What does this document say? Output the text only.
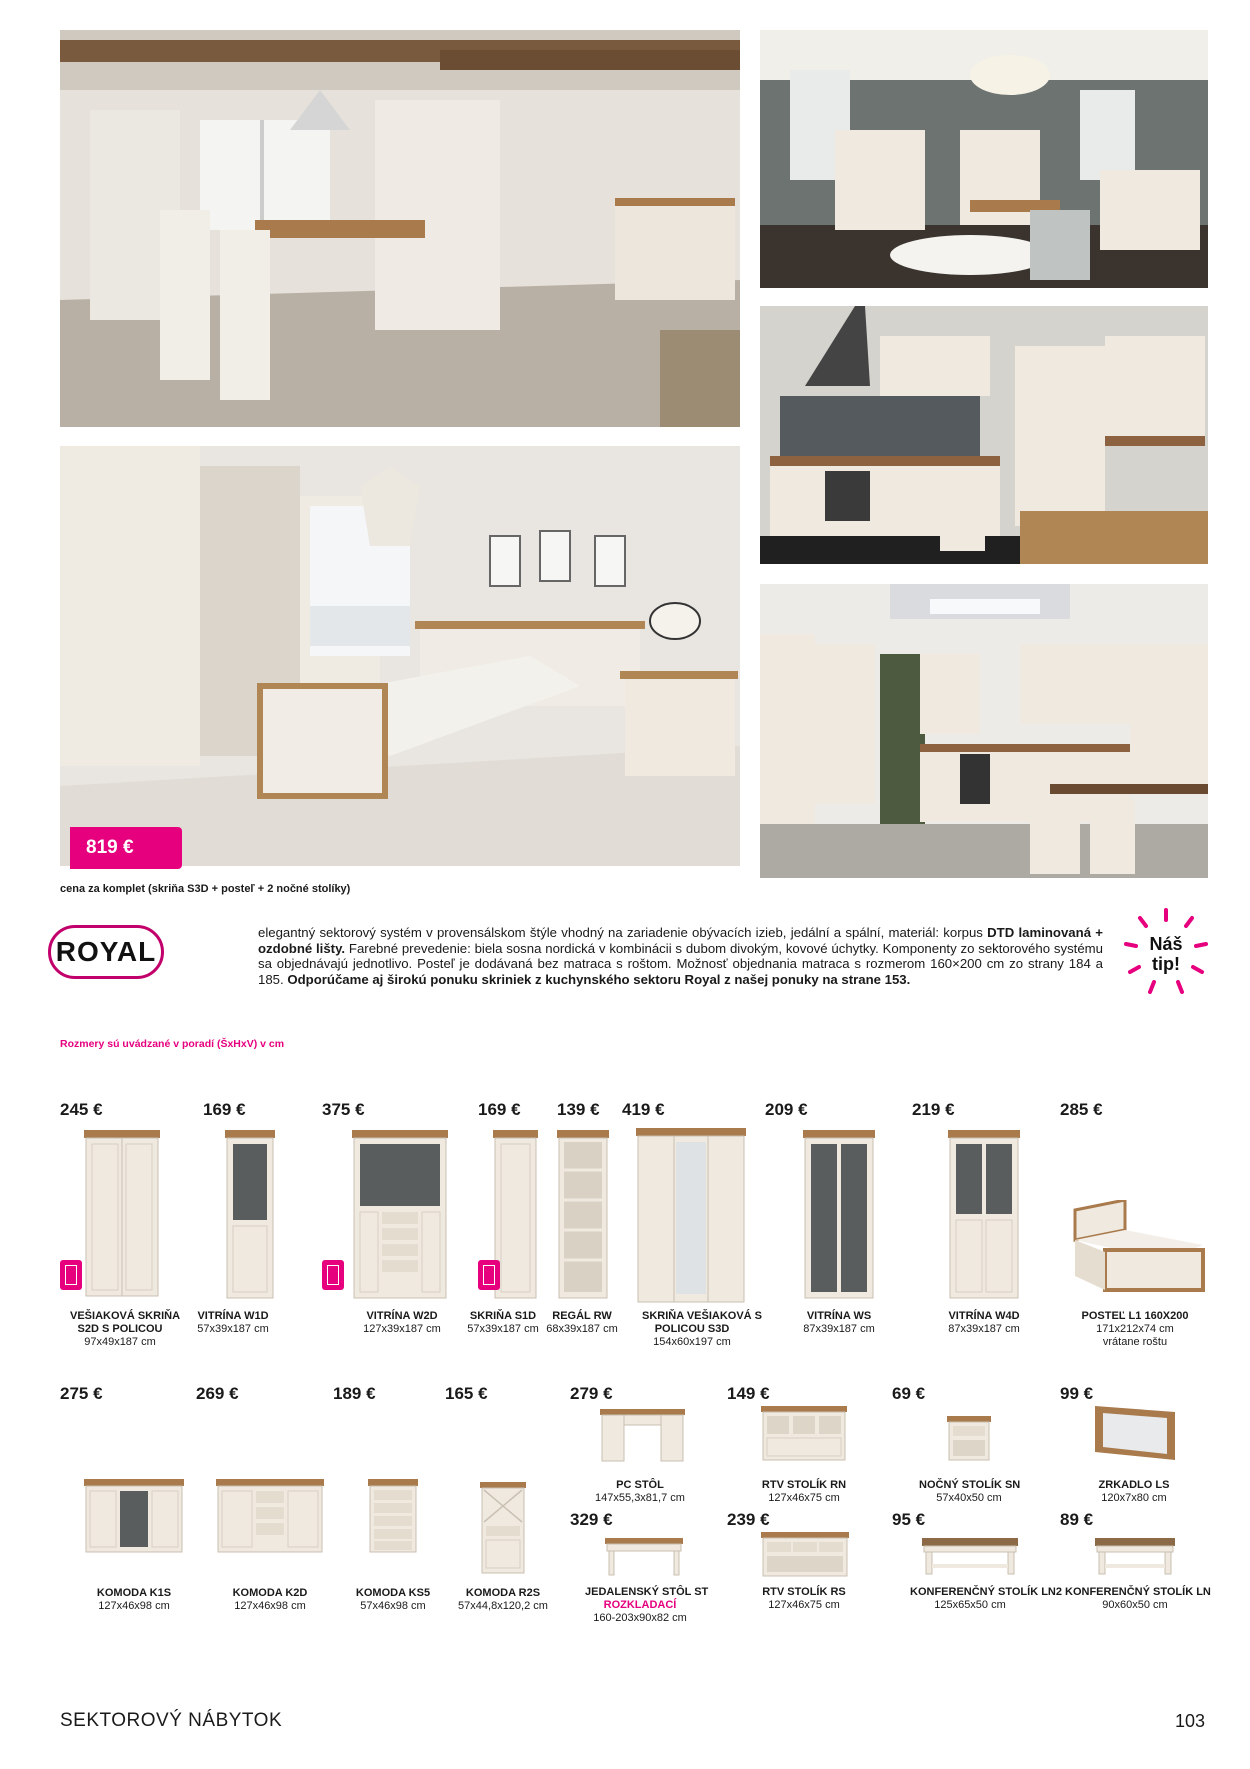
819 €
cena za komplet (skriňa S3D + posteľ + 2 nočné stolíky)
ROYAL
elegantný sektorový systém v provensálskom štýle vhodný na zariadenie obývacích izieb, jedální a spální, materiál: korpus DTD laminovaná + ozdobné lišty. Farebné prevedenie: biela sosna nordická v kombinácii s dubom divokým, kovové úchytky. Komponenty zo sektorového systému sa objednávajú jednotlivo. Posteľ je dodávaná bez matraca s roštom. Možnosť objednania matraca s rozmerom 160×200 cm zo strany 184 a 185. Odporúčame aj širokú ponuku skriniek z kuchynského sektoru Royal z našej ponuky na strane 153.
Náš
tip!
Rozmery sú uvádzané v poradí (ŠxHxV) v cm
245 €
VEŠIAKOVÁ SKRIŇA
S2D S POLICOU
97x49x187 cm
169 €
VITRÍNA W1D
57x39x187 cm
375 €
VITRÍNA W2D
127x39x187 cm
169 €
SKRIŇA S1D
57x39x187 cm
139 €
REGÁL RW
68x39x187 cm
419 €
SKRIŇA VEŠIAKOVÁ S
POLICOU S3D
154x60x197 cm
209 €
VITRÍNA WS
87x39x187 cm
219 €
VITRÍNA W4D
87x39x187 cm
285 €
POSTEĽ L1 160X200
171x212x74 cm
vrátane roštu
275 €
KOMODA K1S
127x46x98 cm
269 €
KOMODA K2D
127x46x98 cm
189 €
KOMODA KS5
57x46x98 cm
165 €
KOMODA R2S
57x44,8x120,2 cm
279 €
PC STÔL
147x55,3x81,7 cm
149 €
RTV STOLÍK RN
127x46x75 cm
69 €
NOČNÝ STOLÍK SN
57x40x50 cm
99 €
ZRKADLO LS
120x7x80 cm
329 €
JEDALENSKÝ STÔL ST
ROZKLADACÍ
160-203x90x82 cm
239 €
RTV STOLÍK RS
127x46x75 cm
95 €
KONFERENČNÝ STOLÍK LN2
125x65x50 cm
89 €
KONFERENČNÝ STOLÍK LN
90x60x50 cm
SEKTOROVÝ NÁBYTOK	103
